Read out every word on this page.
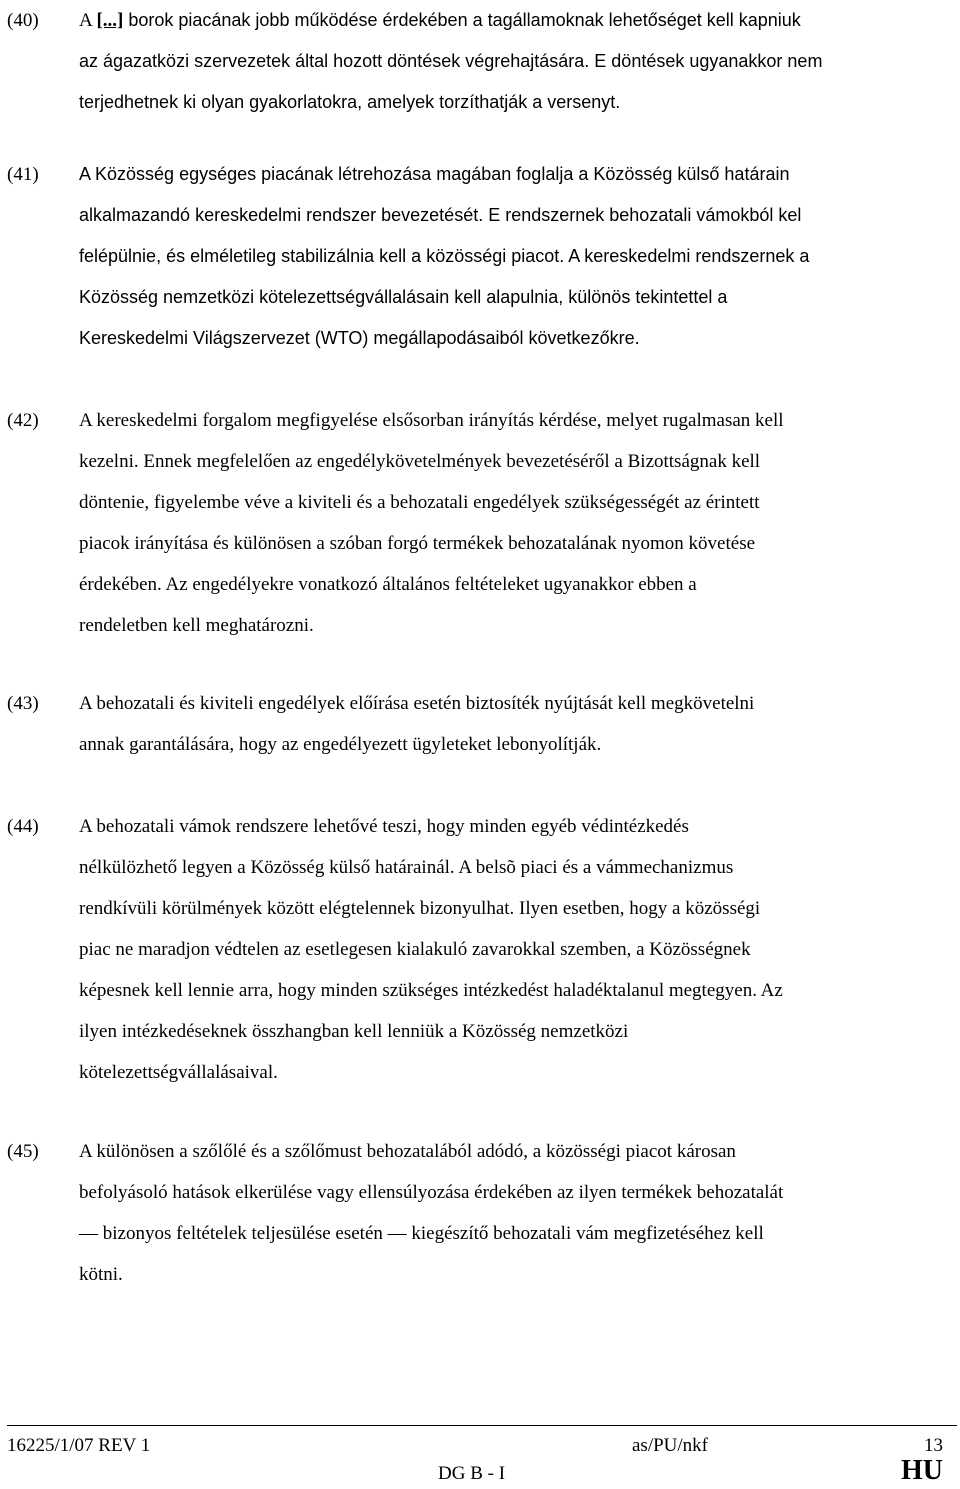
(40)	A [...] borok piacának jobb működése érdekében a tagállamoknak lehetőséget kell kapniuk
az ágazatközi szervezetek által hozott döntések végrehajtására. E döntések ugyanakkor nem
terjedhetnek ki olyan gyakorlatokra, amelyek torzíthatják a versenyt.
(41)	A Közösség egységes piacának létrehozása magában foglalja a Közösség külső határain
alkalmazandó kereskedelmi rendszer bevezetését. E rendszernek behozatali vámokból kel
felépülnie, és elméletileg stabilizálnia kell a közösségi piacot. A kereskedelmi rendszernek a
Közösség nemzetközi kötelezettségvállalásain kell alapulnia, különös tekintettel a
Kereskedelmi Világszervezet (WTO) megállapodásaiból következőkre.
(42)	A kereskedelmi forgalom megfigyelése elsősorban irányítás kérdése, melyet rugalmasan kell
kezelni. Ennek megfelelően az engedélykövetelmények bevezetéséről a Bizottságnak kell
döntenie, figyelembe véve a kiviteli és a behozatali engedélyek szükségességét az érintett
piacok irányítása és különösen a szóban forgó termékek behozatalának nyomon követése
érdekében. Az engedélyekre vonatkozó általános feltételeket ugyanakkor ebben a
rendeletben kell meghatározni.
(43)	A behozatali és kiviteli engedélyek előírása esetén biztosíték nyújtását kell megkövetelni
annak garantálására, hogy az engedélyezett ügyleteket lebonyolítják.
(44)	A behozatali vámok rendszere lehetővé teszi, hogy minden egyéb védintézkedés
nélkülözhető legyen a Közösség külső határainál. A belsõ piaci és a vámmechanizmus
rendkívüli körülmények között elégtelennek bizonyulhat. Ilyen esetben, hogy a közösségi
piac ne maradjon védtelen az esetlegesen kialakuló zavarokkal szemben, a Közösségnek
képesnek kell lennie arra, hogy minden szükséges intézkedést haladéktalanul megtegyen. Az
ilyen intézkedéseknek összhangban kell lenniük a Közösség nemzetközi
kötelezettségvállalásaival.
(45)	A különösen a szőlőlé és a szőlőmust behozatalából adódó, a közösségi piacot károsan
befolyásoló hatások elkerülése vagy ellensúlyozása érdekében az ilyen termékek behozatalát
— bizonyos feltételek teljesülése esetén — kiegészítő behozatali vám megfizetéséhez kell
kötni.
16225/1/07 REV 1	as/PU/nkf	13
DG B - I	HU
